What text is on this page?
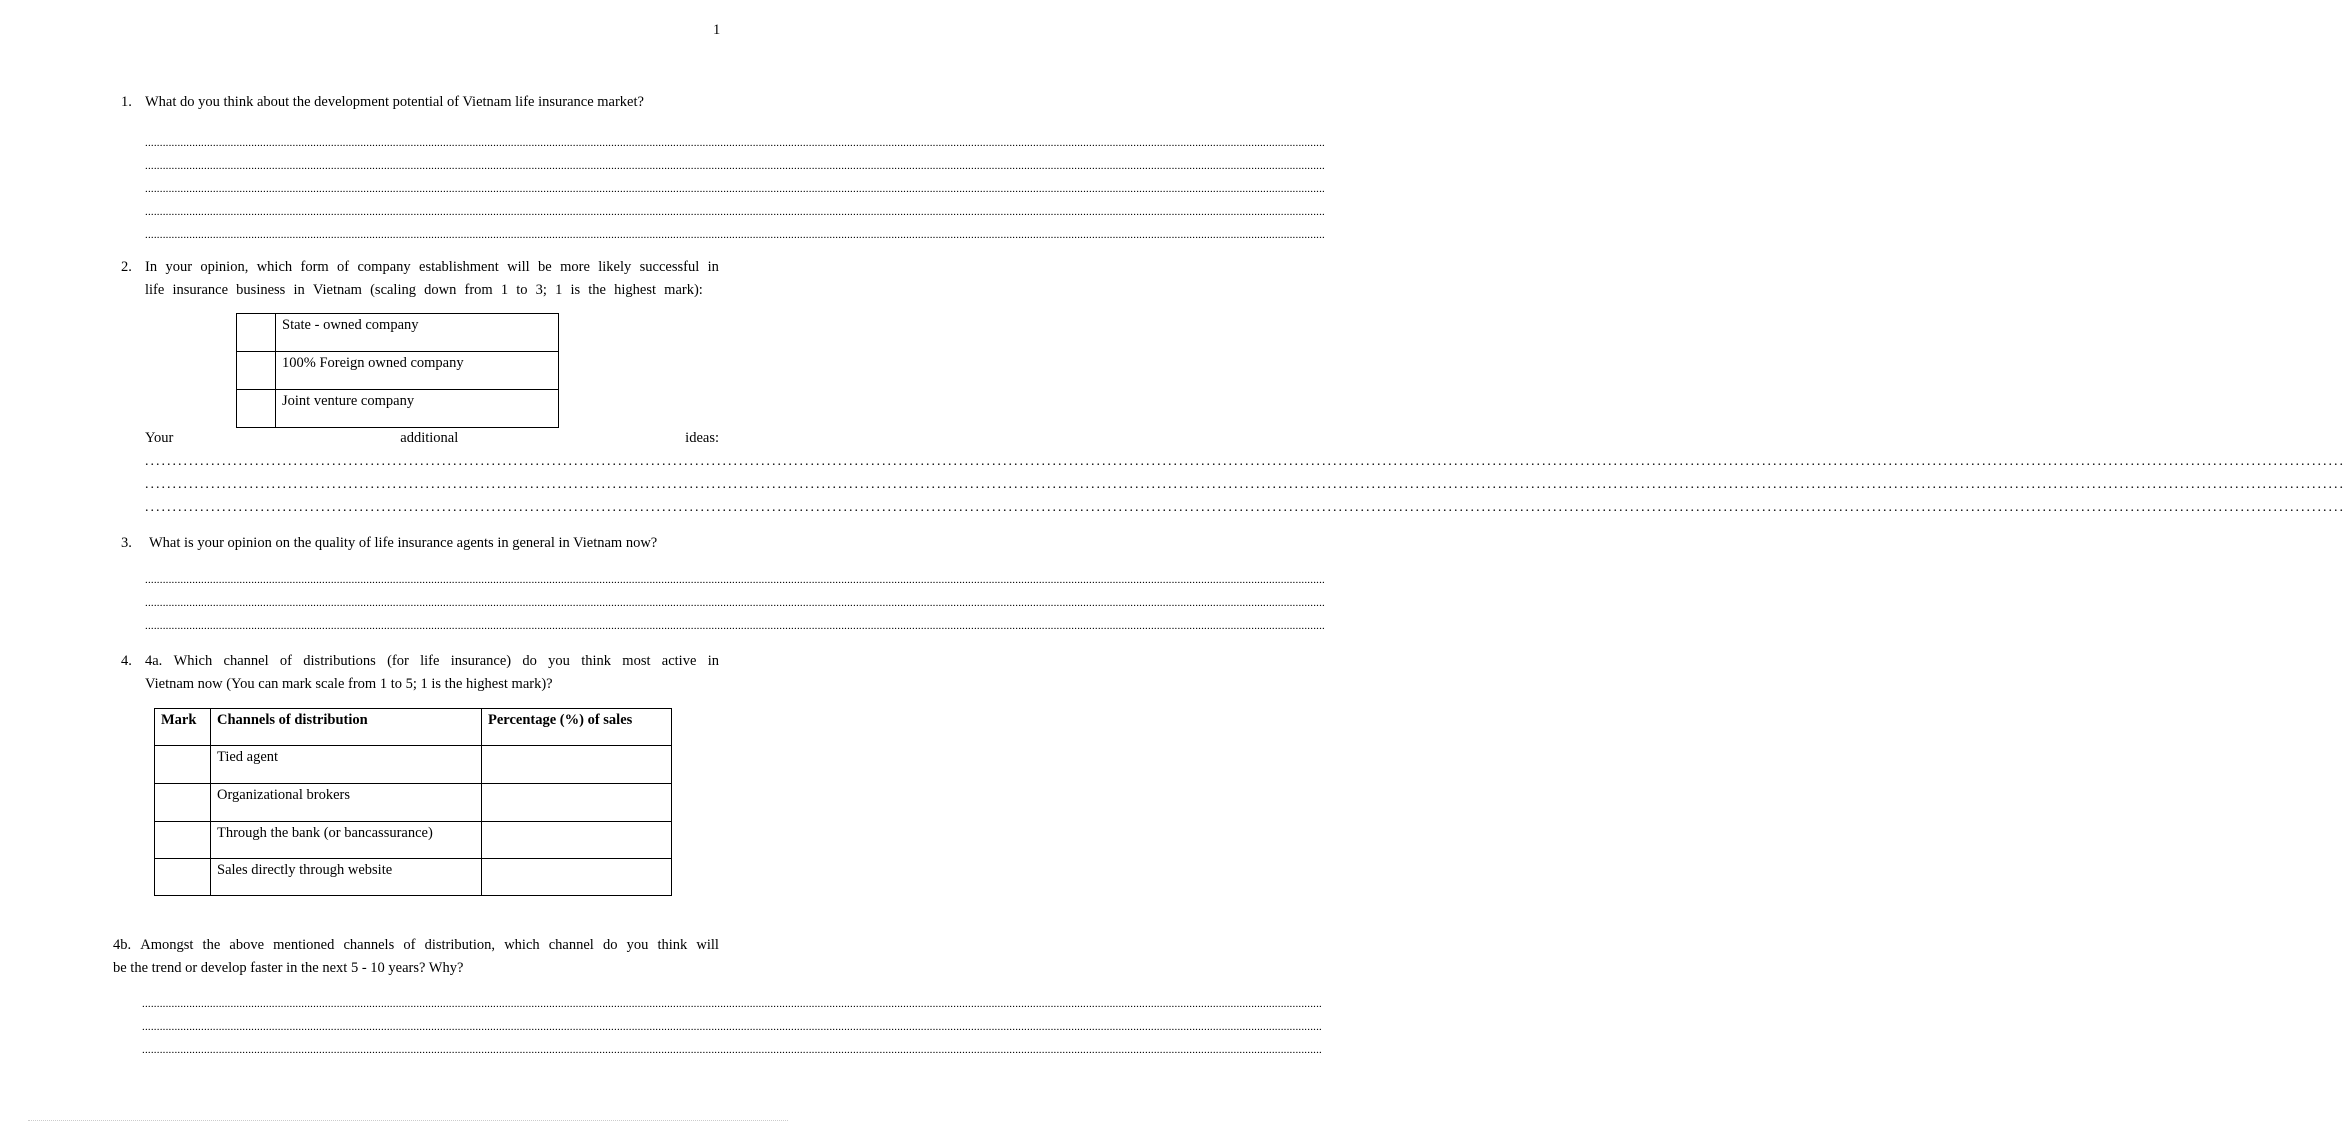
1
1. What do you think about the development potential of Vietnam life insurance market?
................................................................................................................................................................................................................................................................................................................................................................................................................
................................................................................................................................................................................................................................................................................................................................................................................................................
................................................................................................................................................................................................................................................................................................................................................................................................................
................................................................................................................................................................................................................................................................................................................................................................................................................
................................................................................................................................................................................................................................................................................................................................................................................................................
2. In your opinion, which form of company establishment will be more likely successful in
life insurance business in Vietnam (scaling down from 1 to 3; 1 is the highest mark):
	State - owned company
	100% Foreign owned company
	Joint venture company
Your	additional	ideas:
................................................................................................................................................................................................................................................................................................................................................................................................................
................................................................................................................................................................................................................................................................................................................................................................................................................
................................................................................................................................................................................................................................................................................................................................................................................................................
3. What is your opinion on the quality of life insurance agents in general in Vietnam now?
................................................................................................................................................................................................................................................................................................................................................................................................................
................................................................................................................................................................................................................................................................................................................................................................................................................
................................................................................................................................................................................................................................................................................................................................................................................................................
4. 4a. Which channel of distributions (for life insurance) do you think most active in
Vietnam now (You can mark scale from 1 to 5; 1 is the highest mark)?
Mark	Channels of distribution	Percentage (%) of sales
	Tied agent	
	Organizational brokers	
	Through the bank (or bancassurance)	
	Sales directly through website	
4b. Amongst the above mentioned channels of distribution, which channel do you think will
be the trend or develop faster in the next 5 - 10 years? Why?
................................................................................................................................................................................................................................................................................................................................................................................................................
................................................................................................................................................................................................................................................................................................................................................................................................................
................................................................................................................................................................................................................................................................................................................................................................................................................
